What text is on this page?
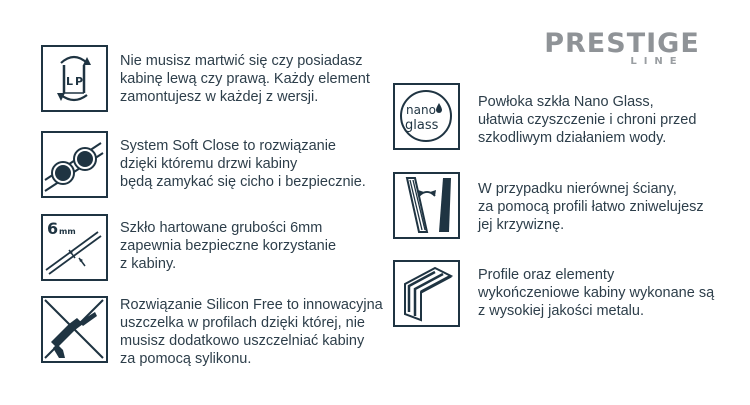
PRESTIGE
LINE
L P
Nie musisz martwić się czy posiadasz
kabinę lewą czy prawą. Każdy element
zamontujesz w każdej z wersji.
System Soft Close to rozwiązanie
dzięki któremu drzwi kabiny
będą zamykać się cicho i bezpiecznie.
6 mm	Szkło hartowane grubości 6mm
zapewnia bezpieczne korzystanie
z kabiny.
Rozwiązanie Silicon Free to innowacyjna
uszczelka w profilach dzięki której, nie
musisz dodatkowo uszczelniać kabiny
za pomocą sylikonu.
nano
glass
Powłoka szkła Nano Glass,
ułatwia czyszczenie i chroni przed
szkodliwym działaniem wody.
W przypadku nierównej ściany,
za pomocą profili łatwo zniwelujesz
jej krzywiznę.
Profile oraz elementy
wykończeniowe kabiny wykonane są
z wysokiej jakości metalu.
